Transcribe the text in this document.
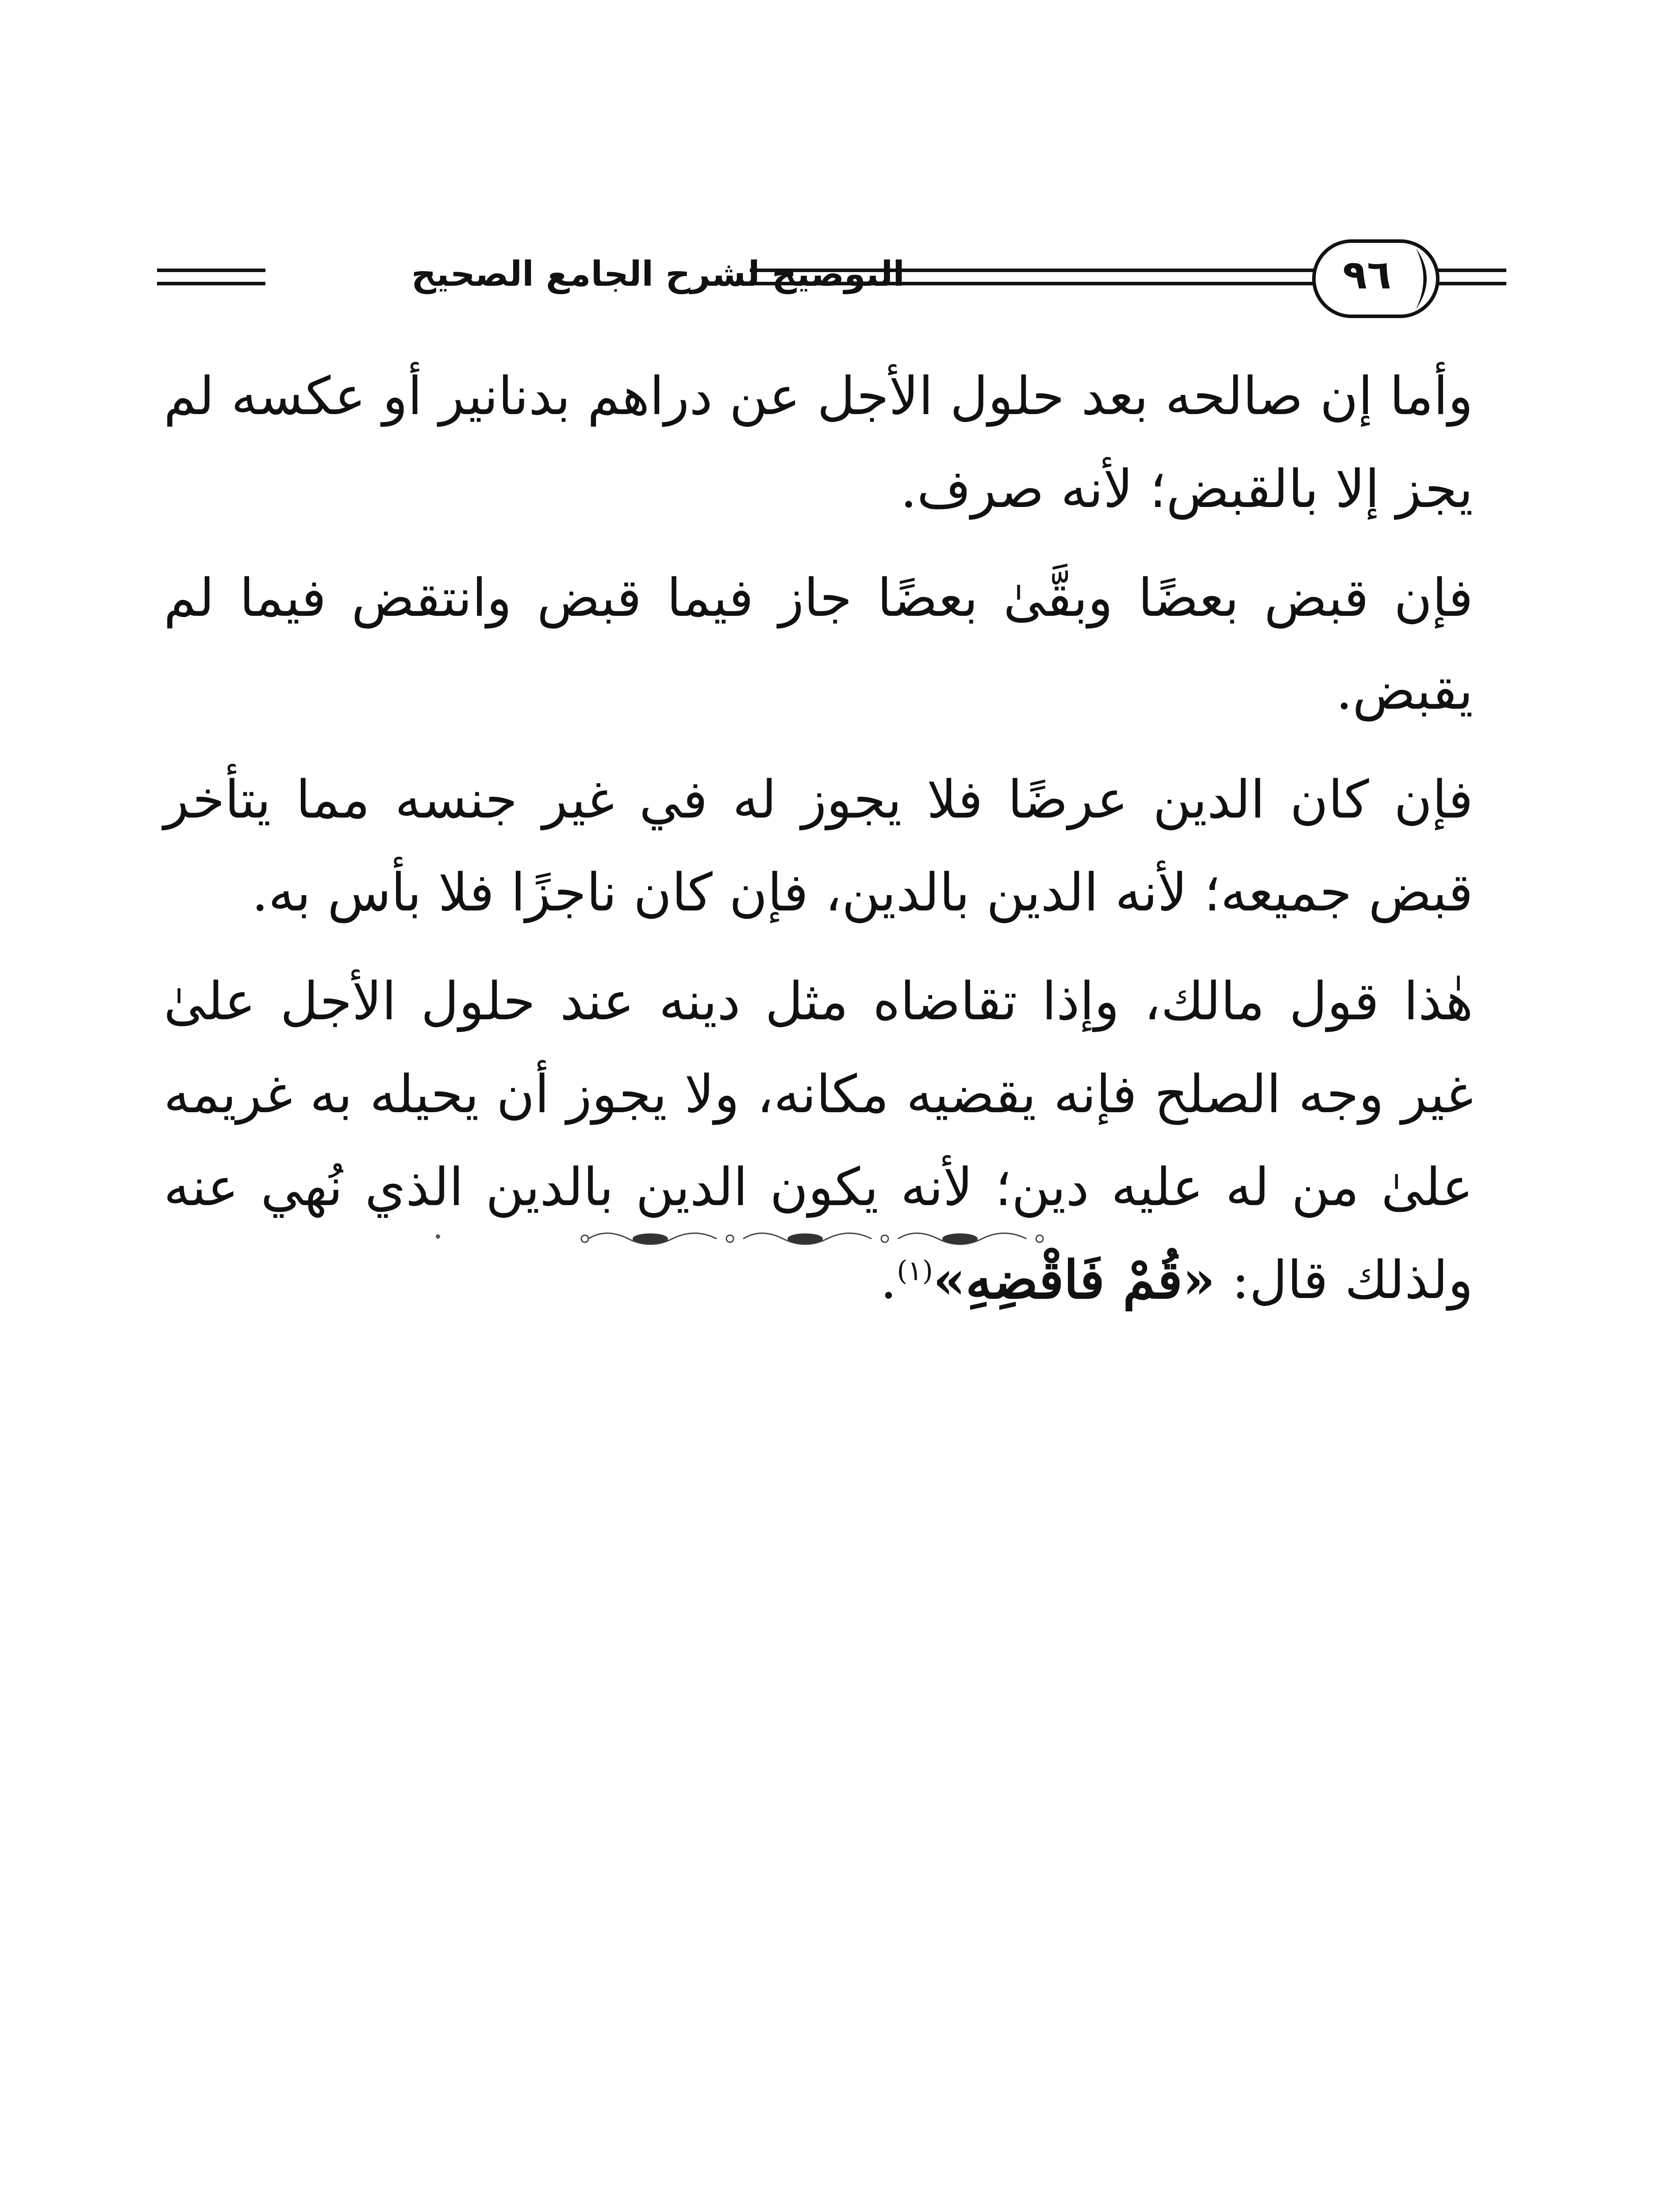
التوضيح لشرح الجامع الصحيح	٩٦

وأما إن صالحه بعد حلول الأجل عن دراهم بدنانير أو عكسه لم يجز إلا بالقبض؛ لأنه صرف.

فإن قبض بعضًا وبقَّىٰ بعضًا جاز فيما قبض وانتقض فيما لم يقبض.

فإن كان الدين عرضًا فلا يجوز له في غير جنسه مما يتأخر قبض جميعه؛ لأنه الدين بالدين، فإن كان ناجزًا فلا بأس به.

هٰذا قول مالك، وإذا تقاضاه مثل دينه عند حلول الأجل علىٰ غير وجه الصلح فإنه يقضيه مكانه، ولا يجوز أن يحيله به غريمه علىٰ من له عليه دين؛ لأنه يكون الدين بالدين الذي نُهي عنه ولذلك قال: «قُمْ فَاقْضِهِ»$^{(١)}$.
